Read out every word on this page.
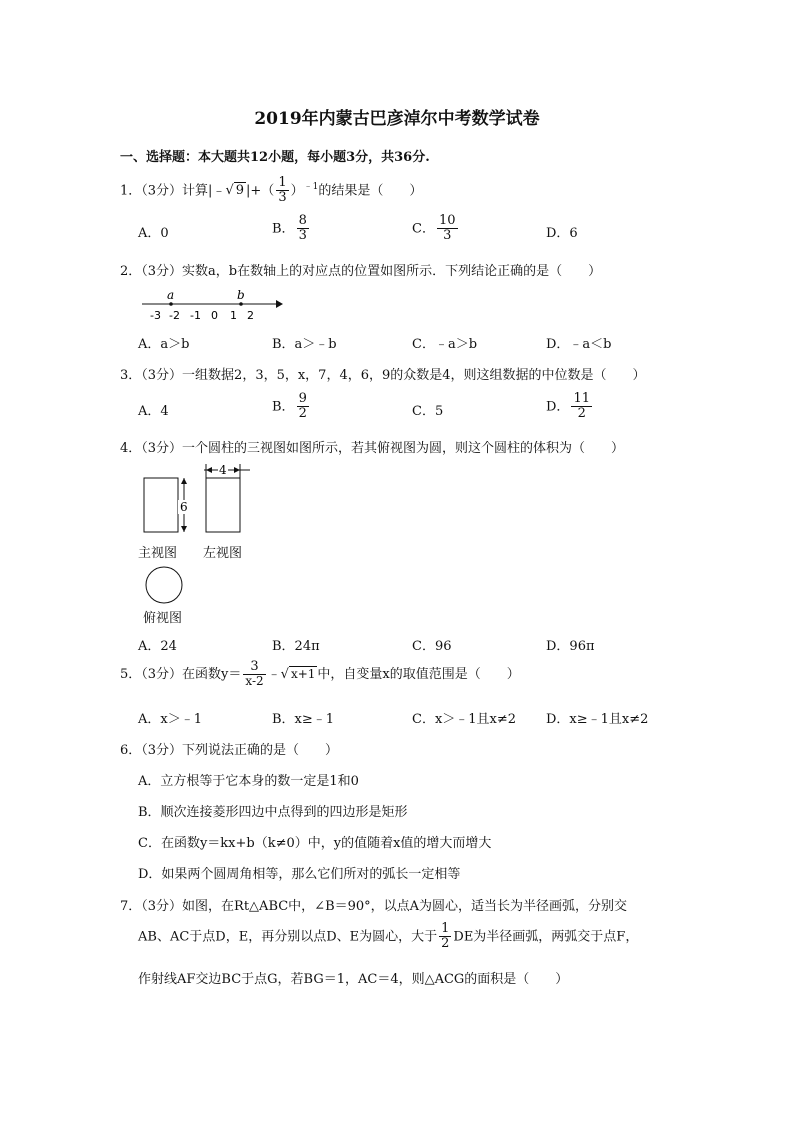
2019年内蒙古巴彦淖尔中考数学试卷
一、选择题：本大题共12小题，每小题3分，共36分.
1．（3分）计算|﹣√ 9 |+（ $\frac{1}{3} )^{﹣1}$的结果是（　　）
A．0	B． $\frac{8}{3}$	C． $\frac{10}{3}$	D．6
2．（3分）实数a，b在数轴上的对应点的位置如图所示．下列结论正确的是（　　）
a	b
-3 -2 -1 0 1 2
A．a＞b	B．a＞﹣b	C．﹣a＞b	D．﹣a＜b
3．（3分）一组数据2，3，5，x，7，4，6，9的众数是4，则这组数据的中位数是（　　）
A．4	B． $\frac{9}{2}$	C．5	D． $\frac{11}{2}$
4．（3分）一个圆柱的三视图如图所示，若其俯视图为圆，则这个圆柱的体积为（　　）
6
4
主视图 左视图
俯视图
A．24	B．24π	C．96	D．96π
5．（3分）在函数$y= \frac{3}{x-2}$ ﹣√ x+1 中，自变量x的取值范围是（　　）
A．x＞﹣1	B．x≥﹣1	C．x＞﹣1且x≠2 D．x≥﹣1且x≠2
6．（3分）下列说法正确的是（　　）
A．立方根等于它本身的数一定是1和0
B．顺次连接菱形四边中点得到的四边形是矩形
C．在函数y＝kx+b（k≠0）中，y的值随着x值的增大而增大
D．如果两个圆周角相等，那么它们所对的弧长一定相等
7．（3分）如图，在Rt△ABC中，∠B＝90°，以点A为圆心，适当长为半径画弧，分别交
AB、AC于点D，E，再分别以点D、E为圆心，大于 $\frac{1}{2}$ DE为半径画弧，两弧交于点F，
作射线AF交边BC于点G，若BG＝1，AC＝4，则△ACG的面积是（　　）
